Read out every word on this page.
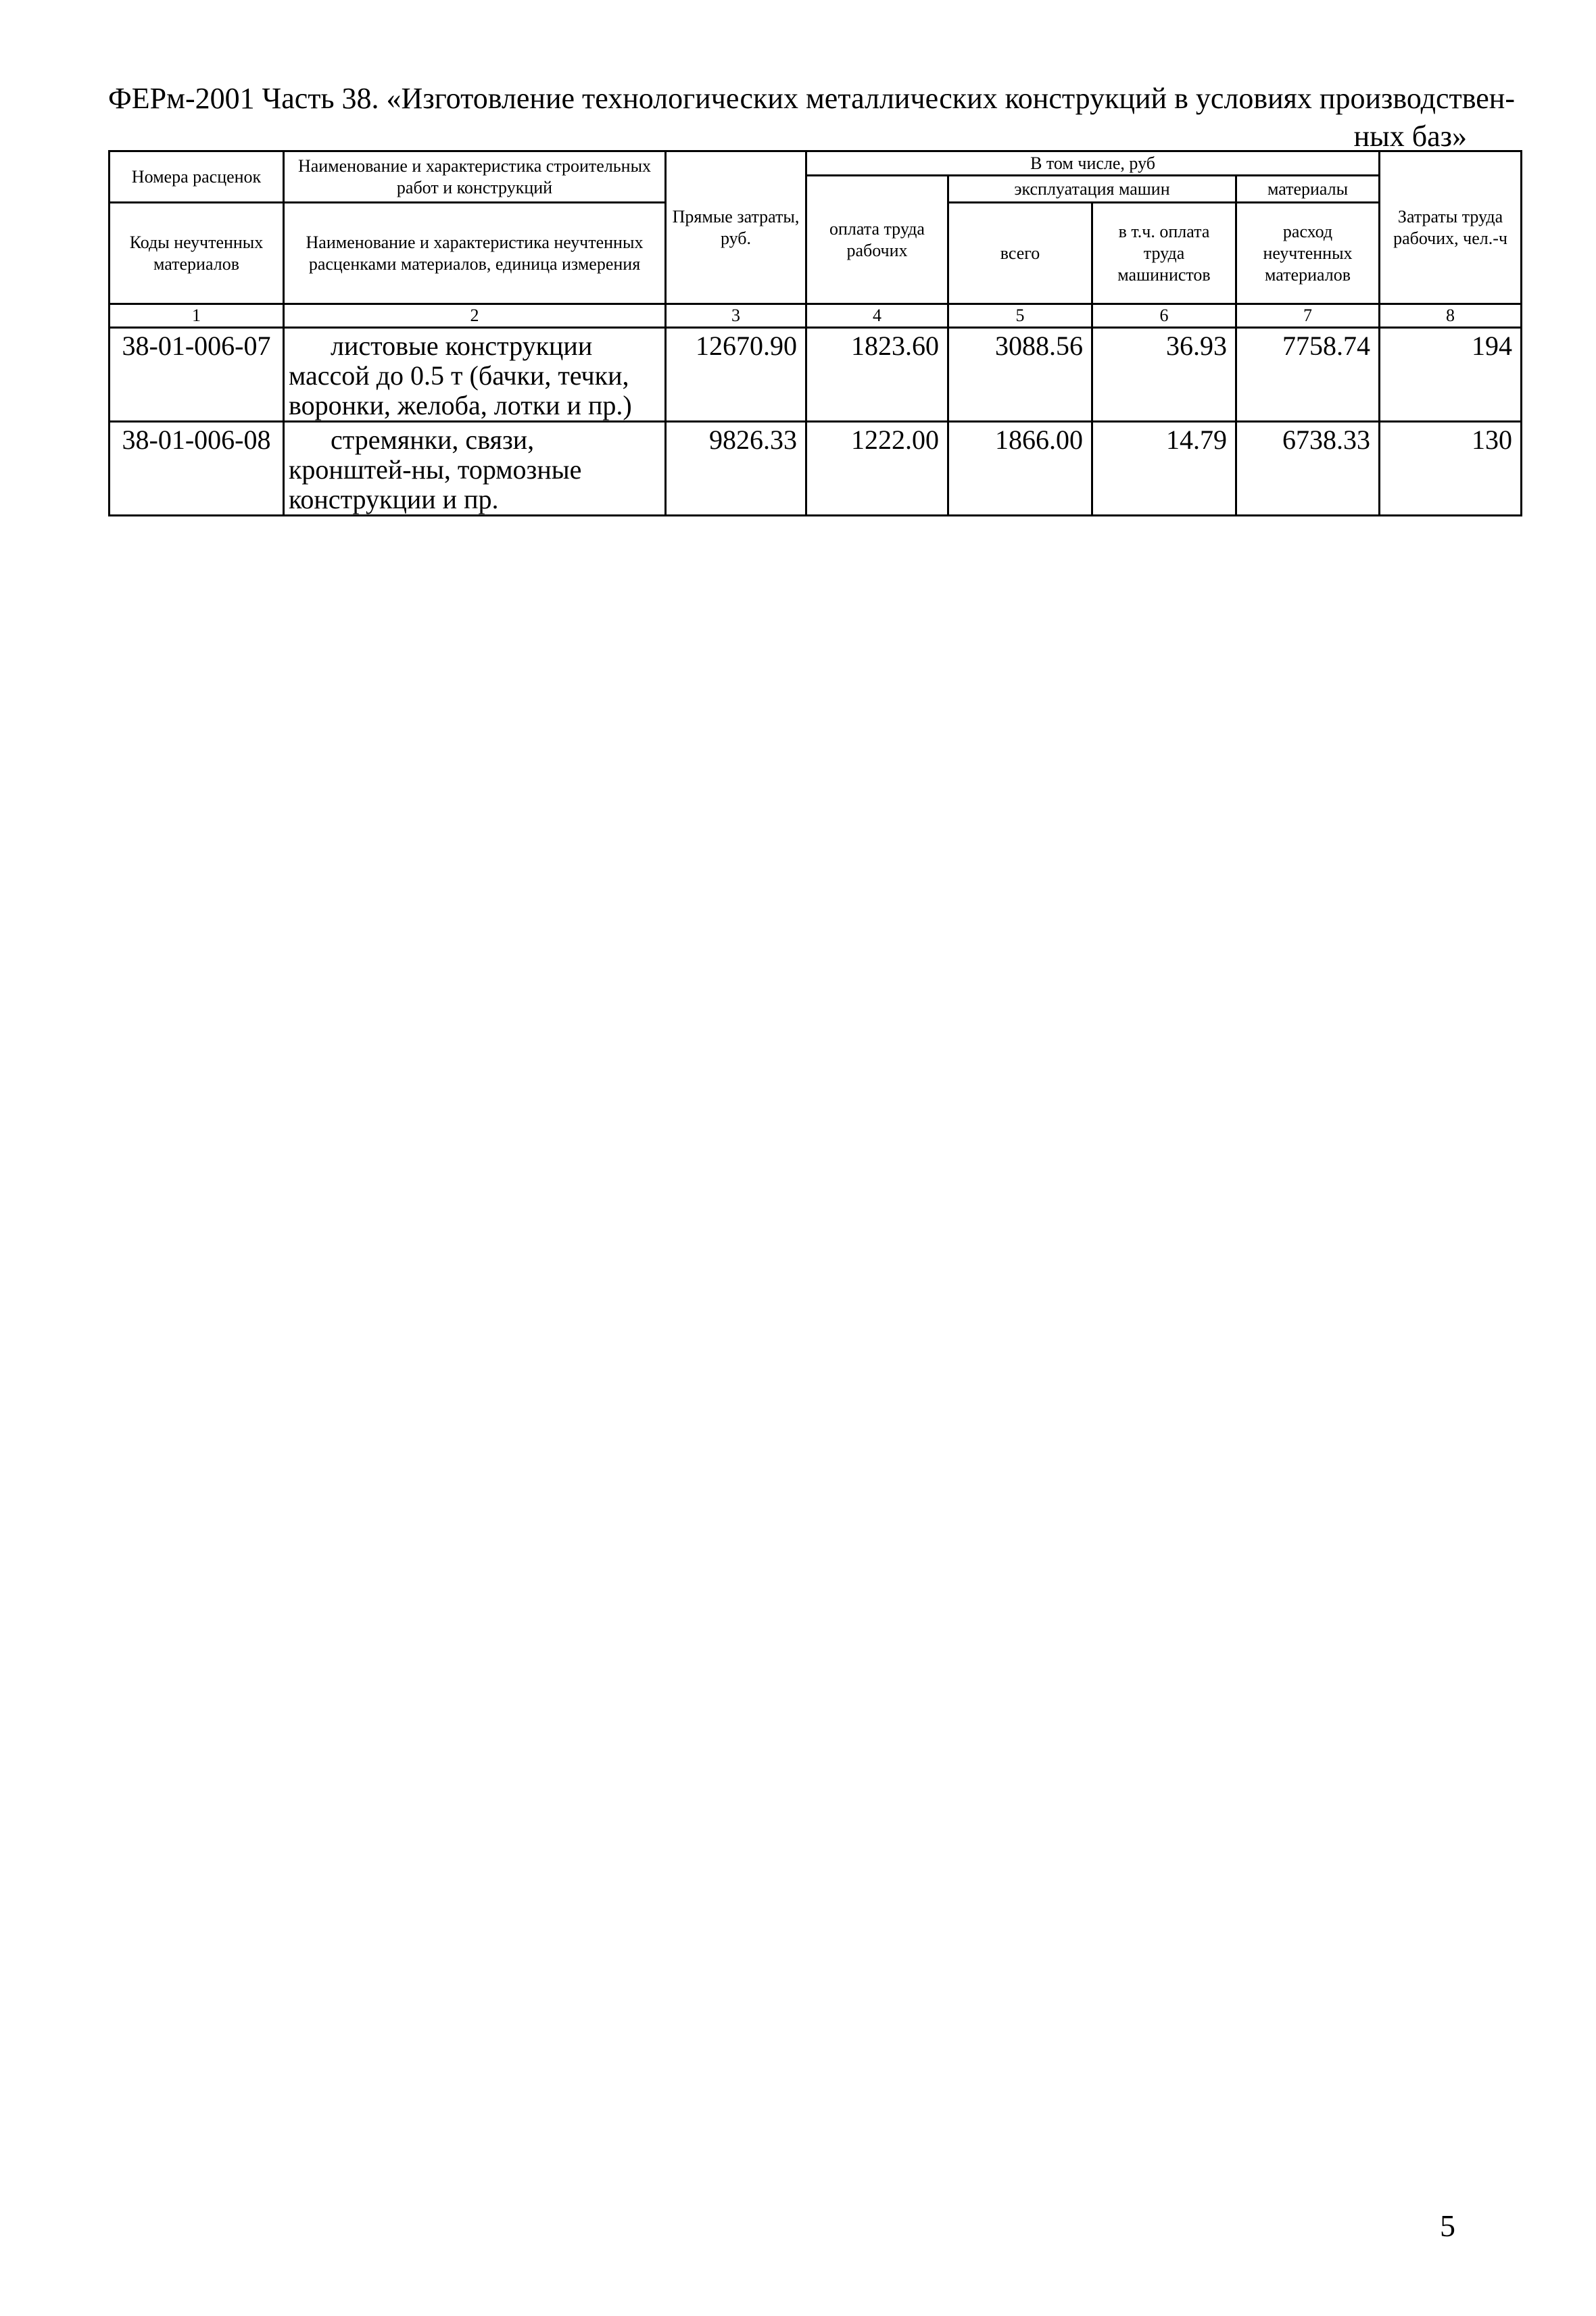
ФЕРм-2001 Часть 38. «Изготовление технологических металлических конструкций в условиях производствен-
ных баз»
Номера расценок	Наименование и характеристика строительных работ и конструкций	Прямые затраты, руб.	В том числе, руб				Затраты труда рабочих, чел.-ч
			оплата труда рабочих	эксплуатация машин		материалы	
Коды неучтенных материалов	Наименование и характеристика неучтенных расценками материалов, единица измерения			всего	в т.ч. оплата труда машинистов	расход неучтенных материалов	
1	2	3	4	5	6	7	8
38-01-006-07	листовые конструкции массой до 0.5 т (бачки, течки, воронки, желоба, лотки и пр.)	12670.90	1823.60	3088.56	36.93	7758.74	194
38-01-006-08	стремянки, связи, кронштей-ны, тормозные конструкции и пр.	9826.33	1222.00	1866.00	14.79	6738.33	130
5
